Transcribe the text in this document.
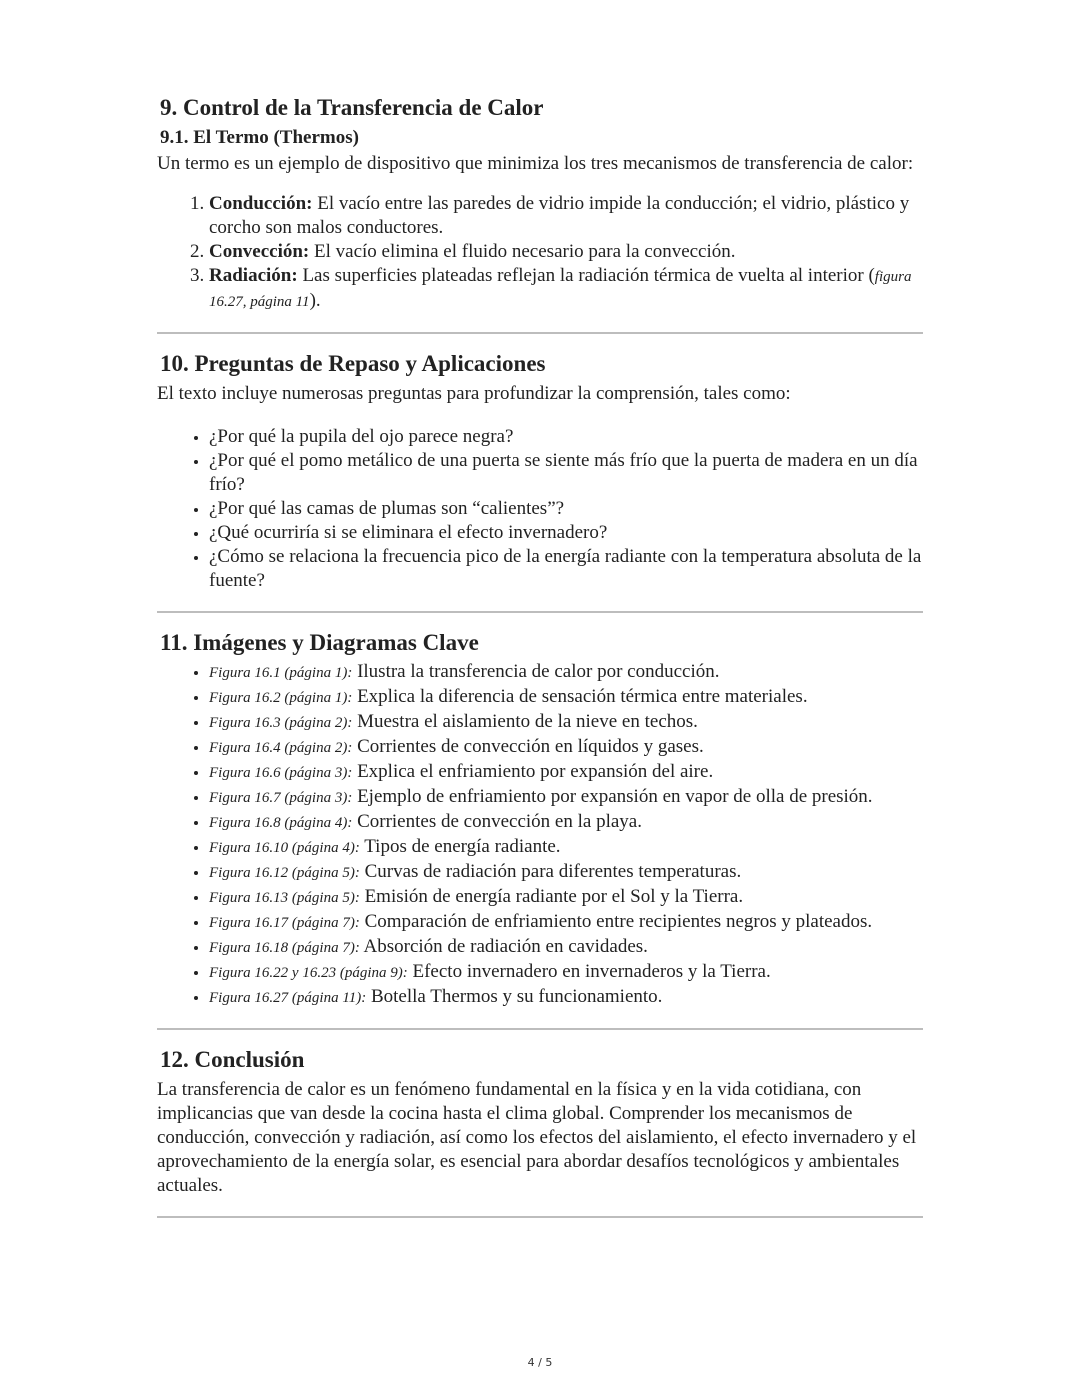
9. Control de la Transferencia de Calor
9.1. El Termo (Thermos)

Un termo es un ejemplo de dispositivo que minimiza los tres mecanismos de transferencia de calor:

1. Conducción: El vacío entre las paredes de vidrio impide la conducción; el vidrio, plástico y corcho son malos conductores.
2. Convección: El vacío elimina el fluido necesario para la convección.
3. Radiación: Las superficies plateadas reflejan la radiación térmica de vuelta al interior (figura 16.27, página 11).
10. Preguntas de Repaso y Aplicaciones

El texto incluye numerosas preguntas para profundizar la comprensión, tales como:

• ¿Por qué la pupila del ojo parece negra?
• ¿Por qué el pomo metálico de una puerta se siente más frío que la puerta de madera en un día frío?
• ¿Por qué las camas de plumas son “calientes”?
• ¿Qué ocurriría si se eliminara el efecto invernadero?
• ¿Cómo se relaciona la frecuencia pico de la energía radiante con la temperatura absoluta de la fuente?
11. Imágenes y Diagramas Clave
• Figura 16.1 (página 1): Ilustra la transferencia de calor por conducción.
• Figura 16.2 (página 1): Explica la diferencia de sensación térmica entre materiales.
• Figura 16.3 (página 2): Muestra el aislamiento de la nieve en techos.
• Figura 16.4 (página 2): Corrientes de convección en líquidos y gases.
• Figura 16.6 (página 3): Explica el enfriamiento por expansión del aire.
• Figura 16.7 (página 3): Ejemplo de enfriamiento por expansión en vapor de olla de presión.
• Figura 16.8 (página 4): Corrientes de convección en la playa.
• Figura 16.10 (página 4): Tipos de energía radiante.
• Figura 16.12 (página 5): Curvas de radiación para diferentes temperaturas.
• Figura 16.13 (página 5): Emisión de energía radiante por el Sol y la Tierra.
• Figura 16.17 (página 7): Comparación de enfriamiento entre recipientes negros y plateados.
• Figura 16.18 (página 7): Absorción de radiación en cavidades.
• Figura 16.22 y 16.23 (página 9): Efecto invernadero en invernaderos y la Tierra.
• Figura 16.27 (página 11): Botella Thermos y su funcionamiento.
12. Conclusión

La transferencia de calor es un fenómeno fundamental en la física y en la vida cotidiana, con implicancias que van desde la cocina hasta el clima global. Comprender los mecanismos de conducción, convección y radiación, así como los efectos del aislamiento, el efecto invernadero y el aprovechamiento de la energía solar, es esencial para abordar desafíos tecnológicos y ambientales actuales.

4 / 5
